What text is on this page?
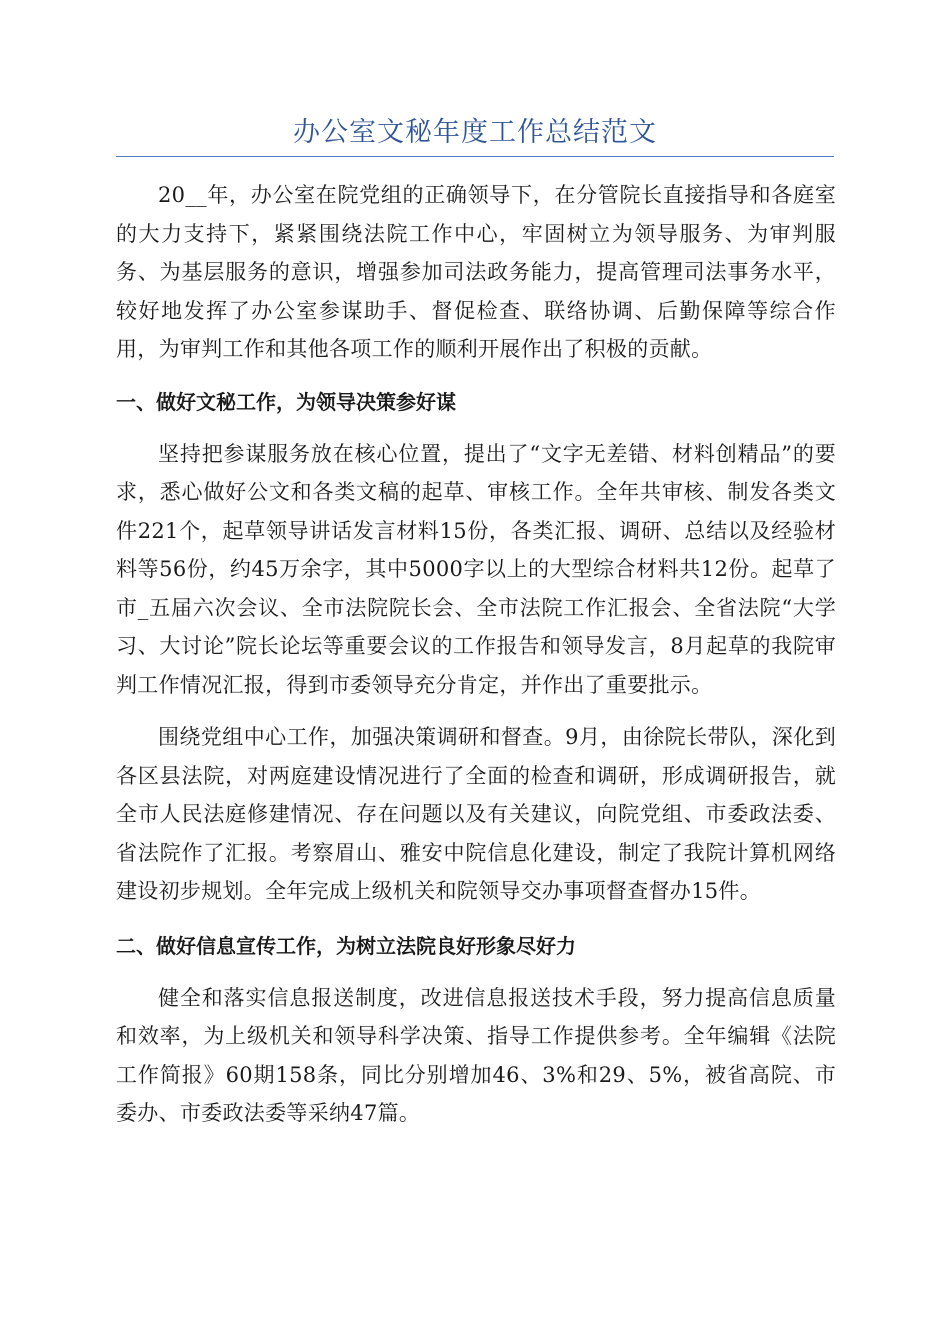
办公室文秘年度工作总结范文

20__年，办公室在院党组的正确领导下，在分管院长直接指导和各庭室的大力支持下，紧紧围绕法院工作中心，牢固树立为领导服务、为审判服务、为基层服务的意识，增强参加司法政务能力，提高管理司法事务水平，较好地发挥了办公室参谋助手、督促检查、联络协调、后勤保障等综合作用，为审判工作和其他各项工作的顺利开展作出了积极的贡献。

一、做好文秘工作，为领导决策参好谋

坚持把参谋服务放在核心位置，提出了“文字无差错、材料创精品”的要求，悉心做好公文和各类文稿的起草、审核工作。全年共审核、制发各类文件221个，起草领导讲话发言材料15份，各类汇报、调研、总结以及经验材料等56份，约45万余字，其中5000字以上的大型综合材料共12份。起草了市_五届六次会议、全市法院院长会、全市法院工作汇报会、全省法院“大学习、大讨论”院长论坛等重要会议的工作报告和领导发言，8月起草的我院审判工作情况汇报，得到市委领导充分肯定，并作出了重要批示。

围绕党组中心工作，加强决策调研和督查。9月，由徐院长带队，深化到各区县法院，对两庭建设情况进行了全面的检查和调研，形成调研报告，就全市人民法庭修建情况、存在问题以及有关建议，向院党组、市委政法委、省法院作了汇报。考察眉山、雅安中院信息化建设，制定了我院计算机网络建设初步规划。全年完成上级机关和院领导交办事项督查督办15件。

二、做好信息宣传工作，为树立法院良好形象尽好力

健全和落实信息报送制度，改进信息报送技术手段，努力提高信息质量和效率，为上级机关和领导科学决策、指导工作提供参考。全年编辑《法院工作简报》60期158条，同比分别增加46、3%和29、5%，被省高院、市委办、市委政法委等采纳47篇。
